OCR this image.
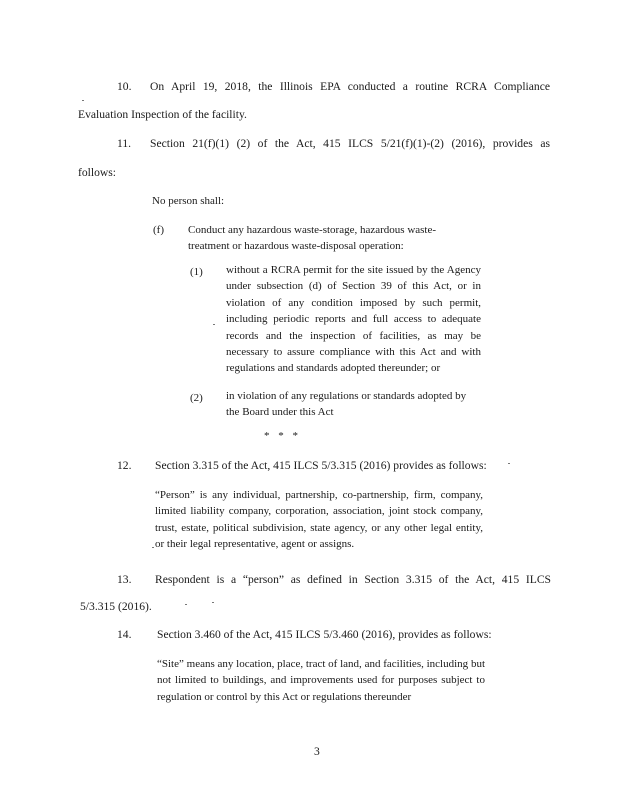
10. On April 19, 2018, the Illinois EPA conducted a routine RCRA Compliance
Evaluation Inspection of the facility.
11. Section 21(f)(1) (2) of the Act, 415 ILCS 5/21(f)(1)-(2) (2016), provides as
follows:
No person shall:
(f) Conduct any hazardous waste-storage, hazardous waste-
treatment or hazardous waste-disposal operation:
(1) without a RCRA permit for the site issued by the Agency under subsection (d) of Section 39 of this Act, or in violation of any condition imposed by such permit, including periodic reports and full access to adequate records and the inspection of facilities, as may be necessary to assure compliance with this Act and with regulations and standards adopted thereunder; or
(2) in violation of any regulations or standards adopted by the Board under this Act
* * *
12. Section 3.315 of the Act, 415 ILCS 5/3.315 (2016) provides as follows:
“Person” is any individual, partnership, co-partnership, firm, company, limited liability company, corporation, association, joint stock company, trust, estate, political subdivision, state agency, or any other legal entity, or their legal representative, agent or assigns.
13. Respondent is a “person” as defined in Section 3.315 of the Act, 415 ILCS
5/3.315 (2016).
14. Section 3.460 of the Act, 415 ILCS 5/3.460 (2016), provides as follows:
“Site” means any location, place, tract of land, and facilities, including but not limited to buildings, and improvements used for purposes subject to regulation or control by this Act or regulations thereunder
3
